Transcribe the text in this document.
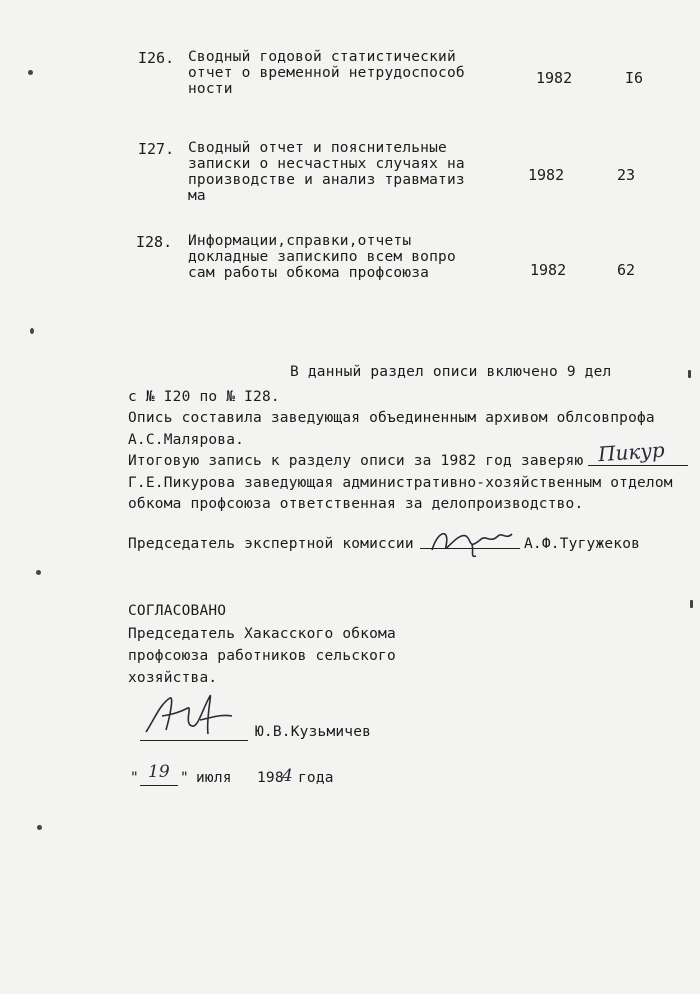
I26. Сводный годовой статистический
отчет о временной нетрудоспособ
ности
1982	I6
I27. Сводный отчет и пояснительные
записки о несчастных случаях на
производстве и анализ травматиз
ма
1982	23
I28. Информации,справки,отчеты
докладные запискипо всем вопро
сам работы обкома профсоюза	1982	62
В данный раздел описи включено 9 дел
с № I20 по № I28.
Опись составила заведующая объединенным архивом облсовпрофа
А.С.Малярова.
Итоговую запись к разделу описи за 1982 год заверяю Пикур
Г.Е.Пикурова заведующая административно-хозяйственным отделом
обкома профсоюза ответственная за делопроизводство.
Председатель экспертной комиссии	А.Ф.Тугужеков
СОГЛАСОВАНО
Председатель Хакасского обкома
профсоюза работников сельского
хозяйства.
Ю.В.Кузьмичев
" 19 " июля 198
4 года
